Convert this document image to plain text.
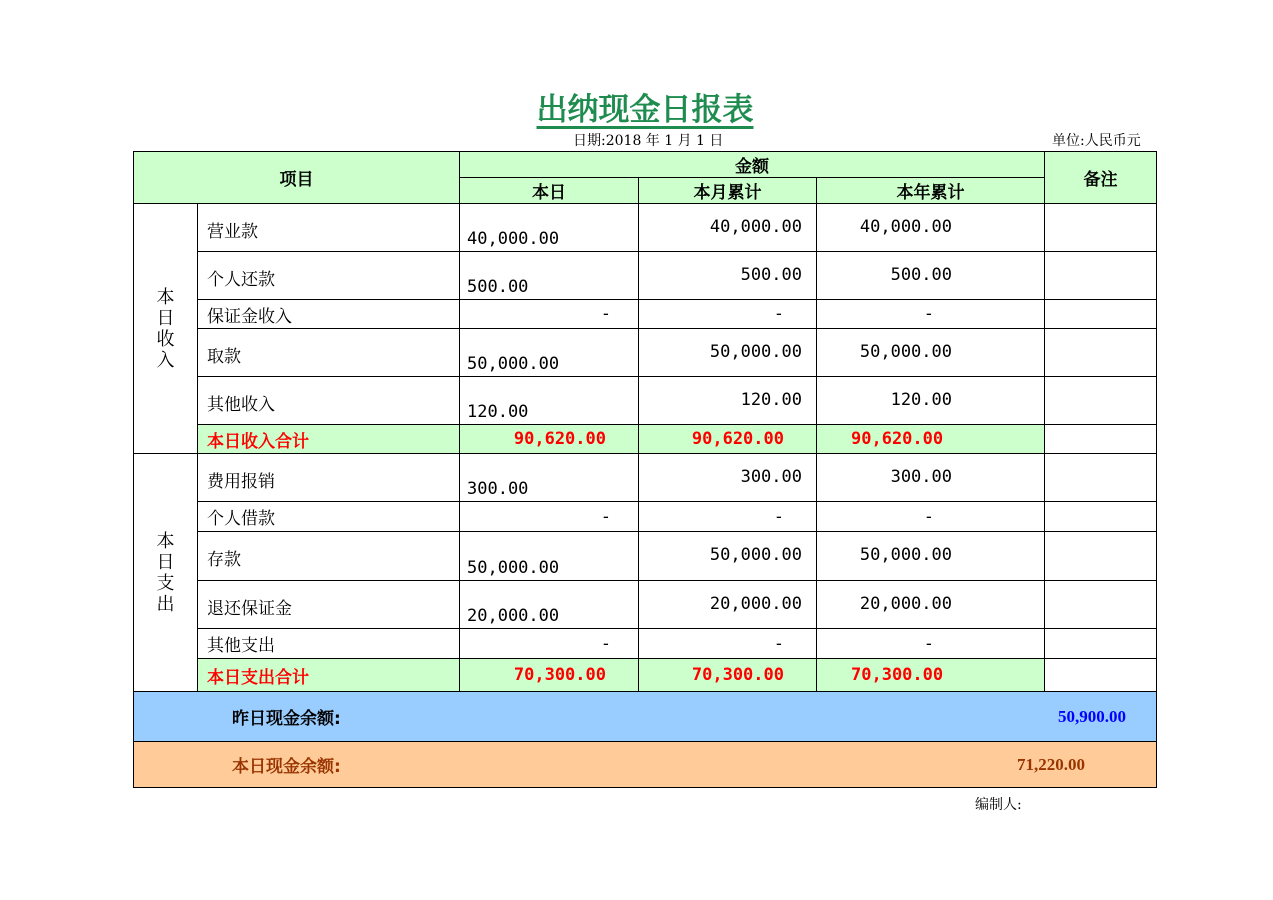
出纳现金日报表
日期:2018 年 1 月 1 日	单位:人民币元
项目		金额			备注
		本日	本月累计	本年累计	

本
日
收
入	营业款	40,000.00	40,000.00	40,000.00	
	个人还款	500.00	500.00	500.00	
	保证金收入	-	-	-	
	取款	50,000.00	50,000.00	50,000.00	
	其他收入	120.00	120.00	120.00	
	本日收入合计	90,620.00	90,620.00	90,620.00	

本
日
支
出	费用报销	300.00	300.00	300.00	
	个人借款	-	-	-	
	存款	50,000.00	50,000.00	50,000.00	
	退还保证金	20,000.00	20,000.00	20,000.00	
	其他支出	-	-	-	
	本日支出合计	70,300.00	70,300.00	70,300.00	

昨日现金余额: 50,900.00					

本日现金余额: 71,220.00					
编制人:
